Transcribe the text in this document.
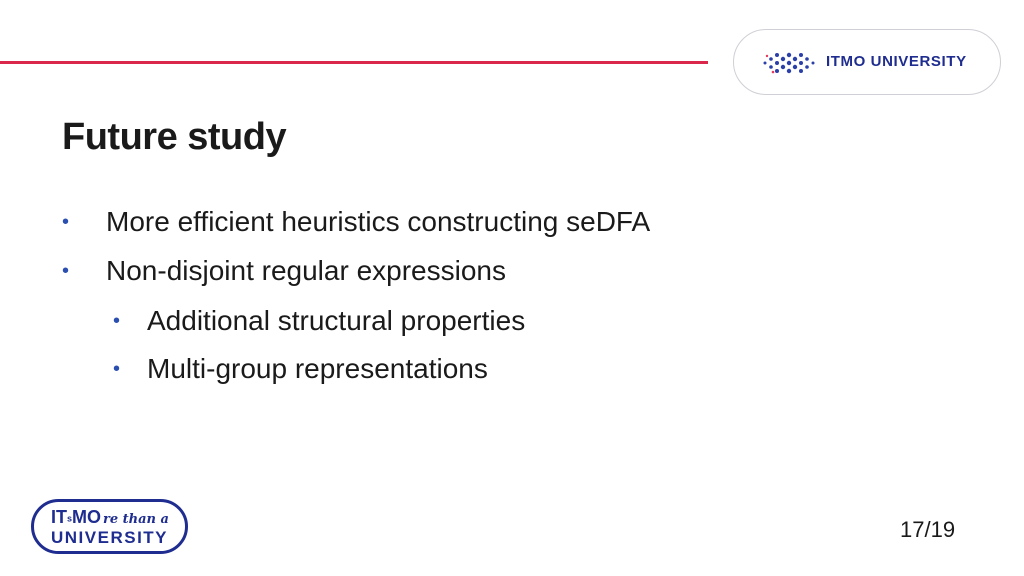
ITMO UNIVERSITY
Future study
•	More efficient heuristics constructing seDFA
•	Non-disjoint regular expressions
• Additional structural properties
• Multi-group representations
ITsMO re than a
UNIVERSITY	17/19
